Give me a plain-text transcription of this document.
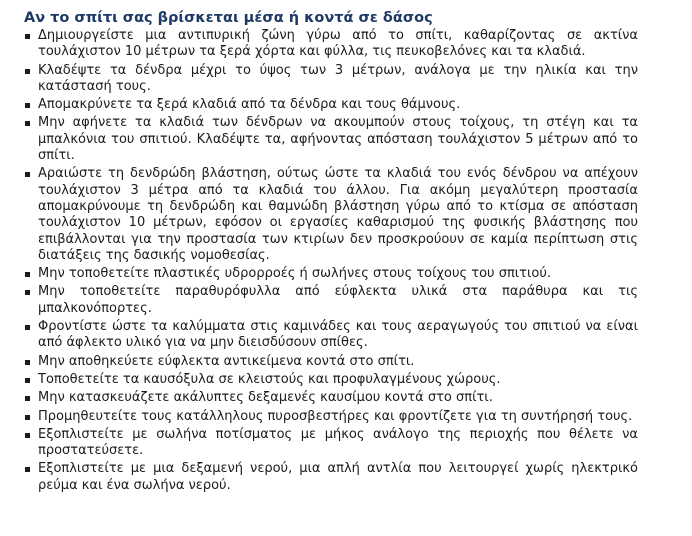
Αν το σπίτι σας βρίσκεται μέσα ή κοντά σε δάσος
Δημιουργείστε μια αντιπυρική ζώνη γύρω από το σπίτι, καθαρίζοντας σε ακτίνα τουλάχιστον 10 μέτρων τα ξερά χόρτα και φύλλα, τις πευκοβελόνες και τα κλαδιά.
Κλαδέψτε τα δένδρα μέχρι το ύψος των 3 μέτρων, ανάλογα με την ηλικία και την κατάστασή τους.
Απομακρύνετε τα ξερά κλαδιά από τα δένδρα και τους θάμνους.
Μην αφήνετε τα κλαδιά των δένδρων να ακουμπούν στους τοίχους, τη στέγη και τα μπαλκόνια του σπιτιού. Κλαδέψτε τα, αφήνοντας απόσταση τουλάχιστον 5 μέτρων από το σπίτι.
Αραιώστε τη δενδρώδη βλάστηση, ούτως ώστε τα κλαδιά του ενός δένδρου να απέχουν τουλάχιστον 3 μέτρα από τα κλαδιά του άλλου. Για ακόμη μεγαλύτερη προστασία απομακρύνουμε τη δενδρώδη και θαμνώδη βλάστηση γύρω από το κτίσμα σε απόσταση τουλάχιστον 10 μέτρων, εφόσον οι εργασίες καθαρισμού της φυσικής βλάστησης που επιβάλλονται για την προστασία των κτιρίων δεν προσκρούουν σε καμία περίπτωση στις διατάξεις της δασικής νομοθεσίας.
Μην τοποθετείτε πλαστικές υδρορροές ή σωλήνες στους τοίχους του σπιτιού.
Μην τοποθετείτε παραθυρόφυλλα από εύφλεκτα υλικά στα παράθυρα και τις μπαλκονόπορτες.
Φροντίστε ώστε τα καλύμματα στις καμινάδες και τους αεραγωγούς του σπιτιού να είναι από άφλεκτο υλικό για να μην διεισδύσουν σπίθες.
Μην αποθηκεύετε εύφλεκτα αντικείμενα κοντά στο σπίτι.
Τοποθετείτε τα καυσόξυλα σε κλειστούς και προφυλαγμένους χώρους.
Μην κατασκευάζετε ακάλυπτες δεξαμενές καυσίμου κοντά στο σπίτι.
Προμηθευτείτε τους κατάλληλους πυροσβεστήρες και φροντίζετε για τη συντήρησή τους.
Εξοπλιστείτε με σωλήνα ποτίσματος με μήκος ανάλογο της περιοχής που θέλετε να προστατεύσετε.
Εξοπλιστείτε με μια δεξαμενή νερού, μια απλή αντλία που λειτουργεί χωρίς ηλεκτρικό ρεύμα και ένα σωλήνα νερού.
